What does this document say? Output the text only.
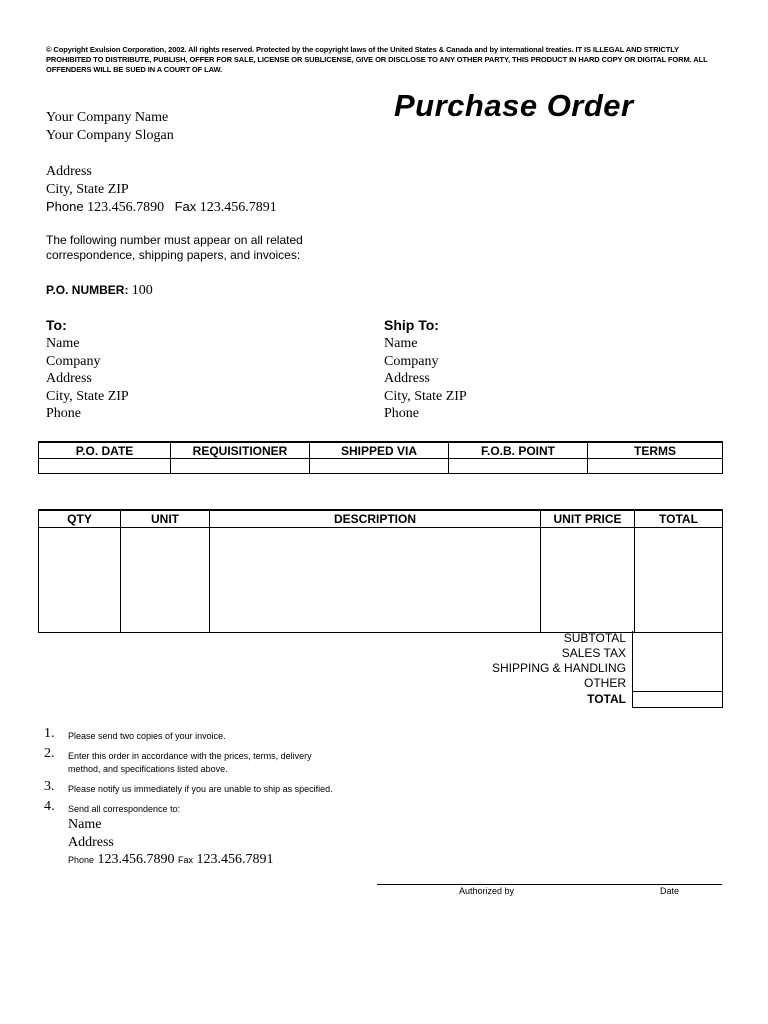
© Copyright Exulsion Corporation, 2002. All rights reserved. Protected by the copyright laws of the United States & Canada and by international treaties. IT IS ILLEGAL AND STRICTLY PROHIBITED TO DISTRIBUTE, PUBLISH, OFFER FOR SALE, LICENSE OR SUBLICENSE, GIVE OR DISCLOSE TO ANY OTHER PARTY, THIS PRODUCT IN HARD COPY OR DIGITAL FORM. ALL OFFENDERS WILL BE SUED IN A COURT OF LAW.
Purchase Order
Your Company Name
Your Company Slogan
Address
City, State ZIP
Phone 123.456.7890 Fax 123.456.7891
The following number must appear on all related correspondence, shipping papers, and invoices:
P.O. NUMBER: 100
To:
Name
Company
Address
City, State ZIP
Phone
Ship To:
Name
Company
Address
City, State ZIP
Phone
P.O. DATE	REQUISITIONER	SHIPPED VIA	F.O.B. POINT	TERMS

QTY	UNIT	DESCRIPTION	UNIT PRICE	TOTAL

SUBTOTAL	
SALES TAX	
SHIPPING & HANDLING	
OTHER	
TOTAL	
1. Please send two copies of your invoice.
2. Enter this order in accordance with the prices, terms, delivery method, and specifications listed above.
3. Please notify us immediately if you are unable to ship as specified.
4. Send all correspondence to:
Name
Address
Phone 123.456.7890 Fax 123.456.7891
Authorized by	Date
